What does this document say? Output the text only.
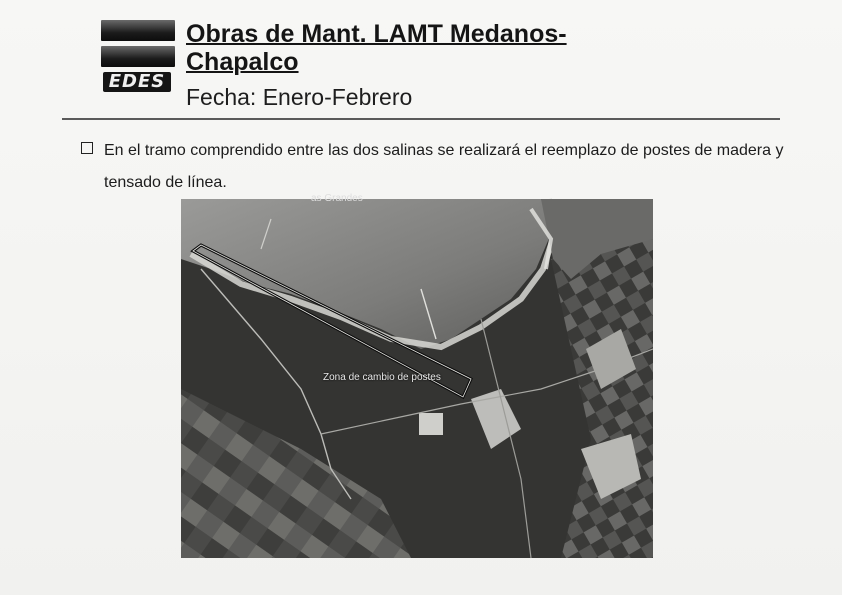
EDES
Obras de Mant. LAMT Medanos-Chapalco
Fecha: Enero-Febrero
En el tramo comprendido entre las dos salinas se realizará el reemplazo de postes de madera y tensado de línea.
as Grandes
Zona de cambio de postes
